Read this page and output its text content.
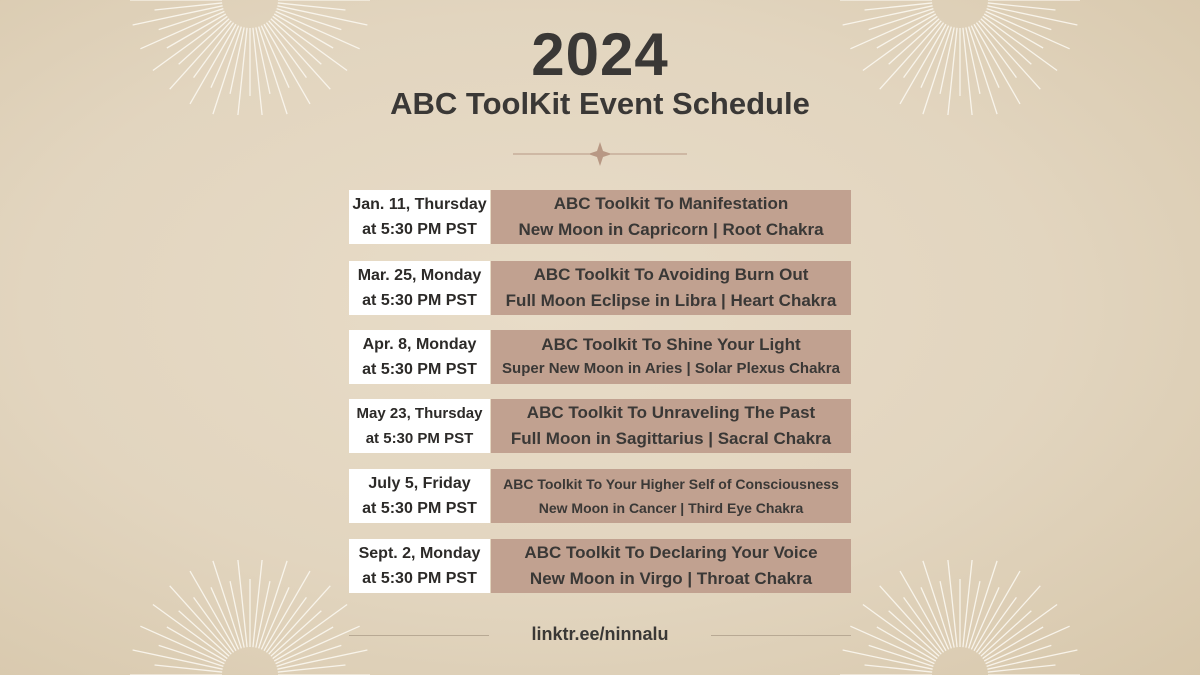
2024
ABC ToolKit Event Schedule
Jan. 11, Thursday
at 5:30 PM PST
ABC Toolkit To Manifestation
New Moon in Capricorn | Root Chakra
Mar. 25, Monday
at 5:30 PM PST
ABC Toolkit To Avoiding Burn Out
Full Moon Eclipse in Libra | Heart Chakra
Apr. 8, Monday
at 5:30 PM PST
ABC Toolkit To Shine Your Light
Super New Moon in Aries | Solar Plexus Chakra
May 23, Thursday
at 5:30 PM PST
ABC Toolkit To Unraveling The Past
Full Moon in Sagittarius | Sacral Chakra
July 5, Friday
at 5:30 PM PST
ABC Toolkit To Your Higher Self of Consciousness
New Moon in Cancer | Third Eye Chakra
Sept. 2, Monday
at 5:30 PM PST
ABC Toolkit To Declaring Your Voice
New Moon in Virgo | Throat Chakra
linktr.ee/ninnalu
